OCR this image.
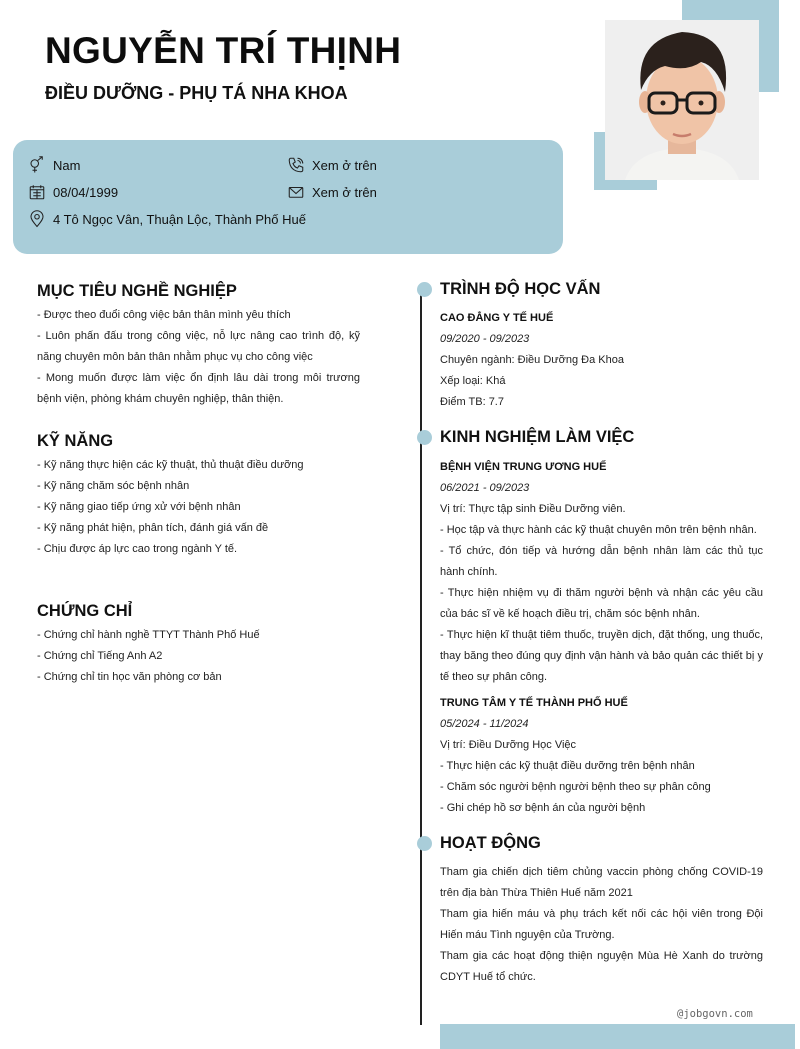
NGUYỄN TRÍ THỊNH
ĐIỀU DƯỠNG - PHỤ TÁ NHA KHOA
Nam
08/04/1999
4 Tô Ngọc Vân, Thuận Lộc, Thành Phố Huế
Xem ở trên
Xem ở trên
MỤC TIÊU NGHỀ NGHIỆP
- Được theo đuổi công việc bản thân mình yêu thích
- Luôn phấn đấu trong công việc, nỗ lực nâng cao trình độ, kỹ năng chuyên môn bản thân nhằm phục vụ cho công việc
- Mong muốn được làm việc ổn định lâu dài trong môi trương bệnh viện, phòng khám chuyên nghiệp, thân thiện.
KỸ NĂNG
- Kỹ năng thực hiện các kỹ thuật, thủ thuật điều dưỡng
- Kỹ năng chăm sóc bệnh nhân
- Kỹ năng giao tiếp ứng xử với bệnh nhân
- Kỹ năng phát hiện, phân tích, đánh giá vấn đề
- Chịu được áp lực cao trong ngành Y tế.
CHỨNG CHỈ
- Chứng chỉ hành nghề TTYT Thành Phố Huế
- Chứng chỉ Tiếng Anh A2
- Chứng chỉ tin học văn phòng cơ bản
TRÌNH ĐỘ HỌC VẤN
CAO ĐẲNG Y TẾ HUẾ
09/2020 - 09/2023
Chuyên ngành: Điều Dưỡng Đa Khoa
Xếp loại: Khá
Điểm TB: 7.7
KINH NGHIỆM LÀM VIỆC
BỆNH VIỆN TRUNG ƯƠNG HUẾ
06/2021 - 09/2023
Vị trí: Thực tập sinh Điều Dưỡng viên.
- Học tập và thực hành các kỹ thuật chuyên môn trên bệnh nhân.
- Tổ chức, đón tiếp và hướng dẫn bệnh nhân làm các thủ tục hành chính.
- Thực hiện nhiệm vụ đi thăm người bệnh và nhận các yêu cầu của bác sĩ về kế hoạch điều trị, chăm sóc bệnh nhân.
- Thực hiện kĩ thuật tiêm thuốc, truyền dịch, đặt thống, ung thuốc, thay băng theo đúng quy định vận hành và bảo quản các thiết bị y tế theo sự phân công.
TRUNG TÂM Y TẾ THÀNH PHỐ HUẾ
05/2024 - 11/2024
Vị trí: Điều Dưỡng Học Việc
- Thực hiện các kỹ thuật điều dưỡng trên bệnh nhân
- Chăm sóc người bệnh người bệnh theo sự phân công
- Ghi chép hồ sơ bệnh án của người bệnh
HOẠT ĐỘNG
Tham gia chiến dịch tiêm chủng vaccin phòng chống COVID-19 trên địa bàn Thừa Thiên Huế năm 2021
Tham gia hiến máu và phụ trách kết nối các hội viên trong Đội Hiến máu Tình nguyện của Trường.
Tham gia các hoạt động thiện nguyện Mùa Hè Xanh do trường CDYT Huế tổ chức.
@jobgovn.com
